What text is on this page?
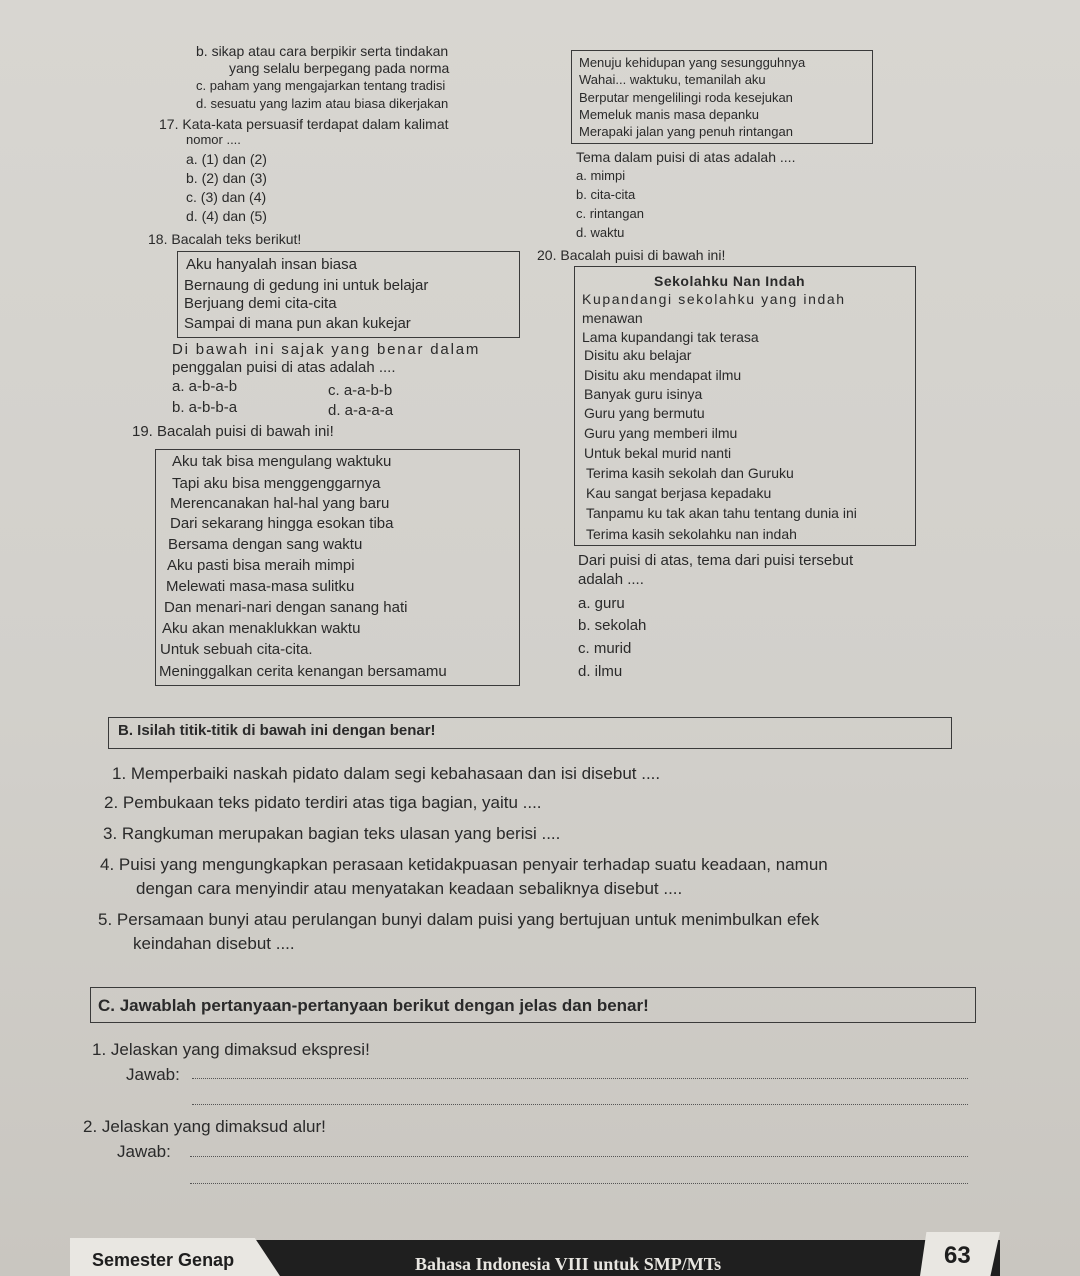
b. sikap atau cara berpikir serta tindakan
yang selalu berpegang pada norma
c. paham yang mengajarkan tentang tradisi
d. sesuatu yang lazim atau biasa dikerjakan
17. Kata-kata persuasif terdapat dalam kalimat
nomor ....
a. (1) dan (2)
b. (2) dan (3)
c. (3) dan (4)
d. (4) dan (5)
Menuju kehidupan yang sesungguhnya
Wahai... waktuku, temanilah aku
Berputar mengelilingi roda kesejukan
Memeluk manis masa depanku
Merapaki jalan yang penuh rintangan
Tema dalam puisi di atas adalah ....
a. mimpi
b. cita-cita
c. rintangan
d. waktu
18. Bacalah teks berikut!
Aku hanyalah insan biasa
Bernaung di gedung ini untuk belajar
Berjuang demi cita-cita
Sampai di mana pun akan kukejar
Di bawah ini sajak yang benar dalam
penggalan puisi di atas adalah ....
a. a-b-a-b
b. a-b-b-a
c. a-a-b-b
d. a-a-a-a
19. Bacalah puisi di bawah ini!
Aku tak bisa mengulang waktuku
Tapi aku bisa menggenggarnya
Merencanakan hal-hal yang baru
Dari sekarang hingga esokan tiba
Bersama dengan sang waktu
Aku pasti bisa meraih mimpi
Melewati masa-masa sulitku
Dan menari-nari dengan sanang hati
Aku akan menaklukkan waktu
Untuk sebuah cita-cita.
Meninggalkan cerita kenangan bersamamu
20. Bacalah puisi di bawah ini!
Sekolahku Nan Indah
Kupandangi sekolahku yang indah
menawan
Lama kupandangi tak terasa
Disitu aku belajar
Disitu aku mendapat ilmu
Banyak guru isinya
Guru yang bermutu
Guru yang memberi ilmu
Untuk bekal murid nanti
Terima kasih sekolah dan Guruku
Kau sangat berjasa kepadaku
Tanpamu ku tak akan tahu tentang dunia ini
Terima kasih sekolahku nan indah
Dari puisi di atas, tema dari puisi tersebut
adalah ....
a. guru
b. sekolah
c. murid
d. ilmu
B. Isilah titik-titik di bawah ini dengan benar!
1. Memperbaiki naskah pidato dalam segi kebahasaan dan isi disebut ....
2. Pembukaan teks pidato terdiri atas tiga bagian, yaitu ....
3. Rangkuman merupakan bagian teks ulasan yang berisi ....
4. Puisi yang mengungkapkan perasaan ketidakpuasan penyair terhadap suatu keadaan, namun
dengan cara menyindir atau menyatakan keadaan sebaliknya disebut ....
5. Persamaan bunyi atau perulangan bunyi dalam puisi yang bertujuan untuk menimbulkan efek
keindahan disebut ....
C. Jawablah pertanyaan-pertanyaan berikut dengan jelas dan benar!
1. Jelaskan yang dimaksud ekspresi!
Jawab:
2. Jelaskan yang dimaksud alur!
Jawab:
Semester Genap	Bahasa Indonesia VIII untuk SMP/MTs	63
